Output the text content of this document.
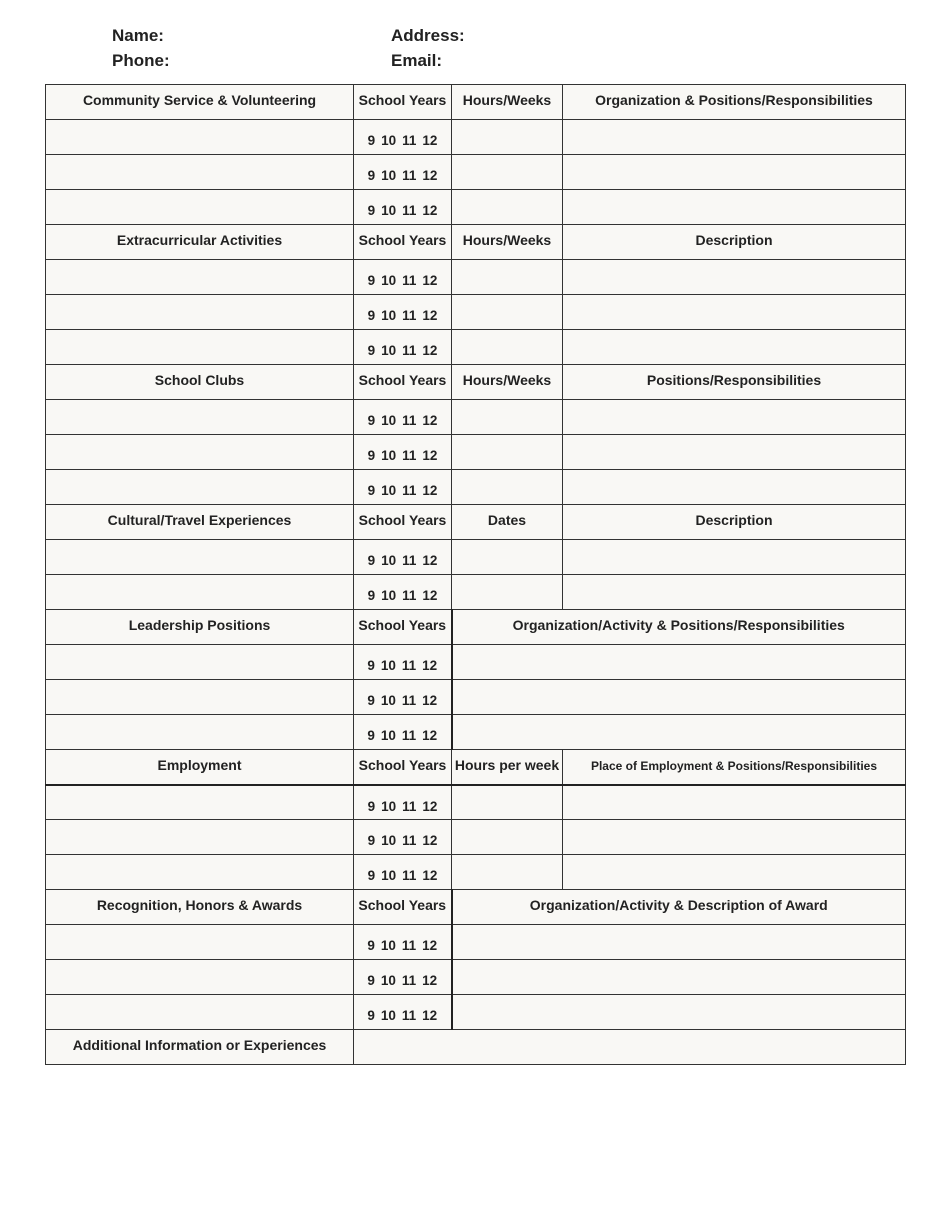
Name:	Address:
Phone:	Email:
Community Service & Volunteering	School Years	Hours/Weeks	Organization & Positions/Responsibilities
	9 10 11 12		
	9 10 11 12		
	9 10 11 12		
Extracurricular Activities	School Years	Hours/Weeks	Description
	9 10 11 12		
	9 10 11 12		
	9 10 11 12		
School Clubs	School Years	Hours/Weeks	Positions/Responsibilities
	9 10 11 12		
	9 10 11 12		
	9 10 11 12		
Cultural/Travel Experiences	School Years	Dates	Description
	9 10 11 12		
	9 10 11 12		
Leadership Positions	School Years	Organization/Activity & Positions/Responsibilities	
	9 10 11 12		
	9 10 11 12		
	9 10 11 12		
Employment	School Years	Hours per week	Place of Employment & Positions/Responsibilities
	9 10 11 12		
	9 10 11 12		
	9 10 11 12		
Recognition, Honors & Awards	School Years	Organization/Activity & Description of Award	
	9 10 11 12		
	9 10 11 12		
	9 10 11 12		
Additional Information or Experiences			
